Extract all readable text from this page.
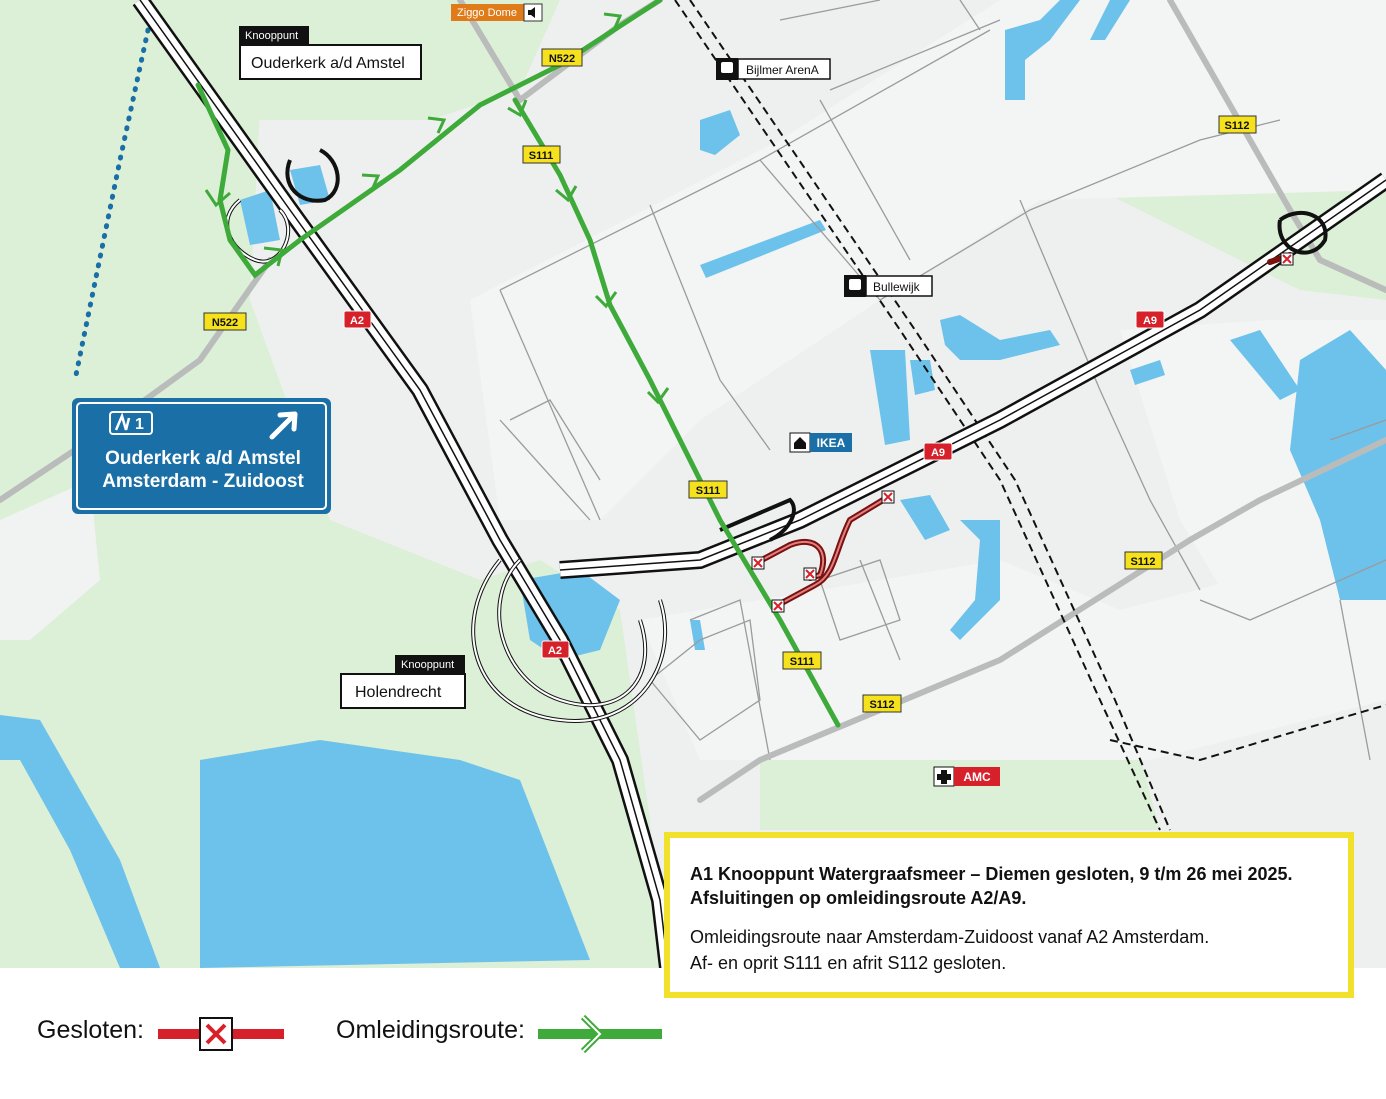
Knooppunt
Ouderkerk a/d Amstel
Knooppunt
Holendrecht
1
Ouderkerk a/d Amstel
Amsterdam - Zuidoost
N522
N522
S111
S111
S111
S112
S112
S112
A2
A2
A9
A9
Ziggo Dome
Bijlmer ArenA
Bullewijk
IKEA
AMC
A1 Knooppunt Watergraafsmeer – Diemen gesloten, 9 t/m 26 mei 2025.
Afsluitingen op omleidingsroute A2/A9.
Omleidingsroute naar Amsterdam-Zuidoost vanaf A2 Amsterdam.
Af- en oprit S111 en afrit S112 gesloten.
Gesloten:	Omleidingsroute:
